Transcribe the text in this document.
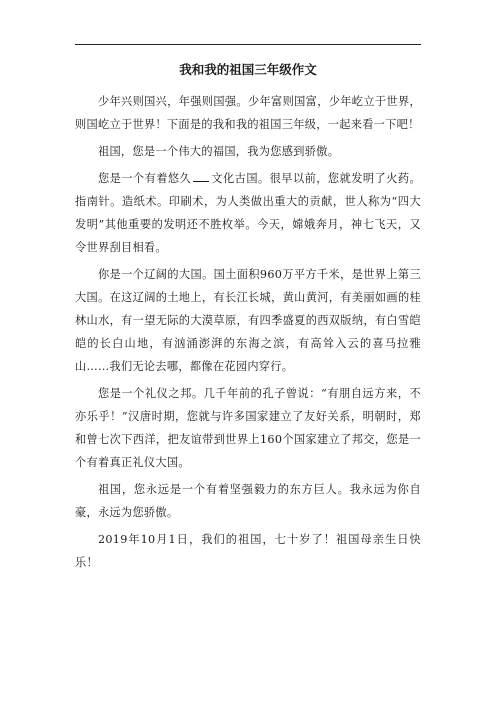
我和我的祖国三年级作文

少年兴则国兴，年强则国强。少年富则国富，少年屹立于世界，则国屹立于世界！下面是的我和我的祖国三年级，一起来看一下吧！

祖国，您是一个伟大的福国，我为您感到骄傲。

您是一个有着悠久 文化古国。很早以前，您就发明了火药。指南针。造纸术。印刷术，为人类做出重大的贡献，世人称为“四大发明”其他重要的发明还不胜枚举。今天，嫦娥奔月，神七飞天，又令世界刮目相看。

你是一个辽阔的大国。国土面积960万平方千米，是世界上第三大国。在这辽阔的土地上，有长江长城，黄山黄河，有美丽如画的桂林山水，有一望无际的大漠草原，有四季盛夏的西双版纳，有白雪皑皑的长白山地，有汹涌澎湃的东海之滨，有高耸入云的喜马拉雅山……我们无论去哪，都像在花园内穿行。

您是一个礼仪之邦。几千年前的孔子曾说：“有朋自远方来，不亦乐乎！”汉唐时期，您就与许多国家建立了友好关系，明朝时，郑和曾七次下西洋，把友谊带到世界上160个国家建立了邦交，您是一个有着真正礼仪大国。

祖国，您永远是一个有着坚强毅力的东方巨人。我永远为你自豪，永远为您骄傲。

2019年10月1日，我们的祖国，七十岁了！祖国母亲生日快乐！
